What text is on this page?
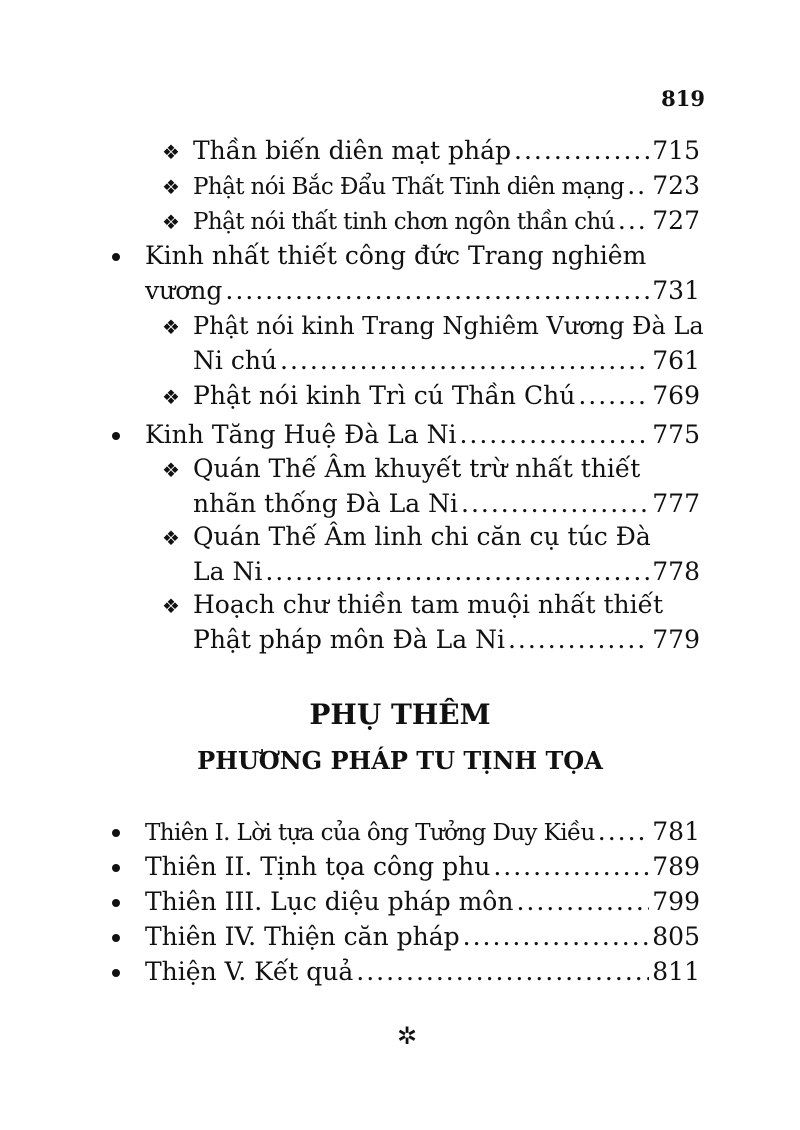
819
❖ Thần biến diên mạt pháp .....	715
❖ Phật nói Bắc Đẩu Thất Tinh diên mạng ..... 723
❖ Phật nói thất tinh chơn ngôn thần chú ..... 727
Kinh nhất thiết công đức Trang nghiêm
vương .....	731
❖ Phật nói kinh Trang Nghiêm Vương Đà La
Ni chú .....	761
❖ Phật nói kinh Trì cú Thần Chú .....	769
Kinh Tăng Huệ Đà La Ni .....	775
❖ Quán Thế Âm khuyết trừ nhất thiết
nhãn thống Đà La Ni .....	777
❖ Quán Thế Âm linh chi căn cụ túc Đà
La Ni .....	778
❖ Hoạch chư thiền tam muội nhất thiết
Phật pháp môn Đà La Ni .....	779
PHỤ THÊM
PHƯƠNG PHÁP TU TỊNH TỌA
Thiên I. Lời tựa của ông Tưởng Duy Kiều ..... 781
Thiên II. Tịnh tọa công phu .....	789
Thiên III. Lục diệu pháp môn .....	799
Thiên IV. Thiện căn pháp .....	805
Thiện V. Kết quả .....	811
✲
